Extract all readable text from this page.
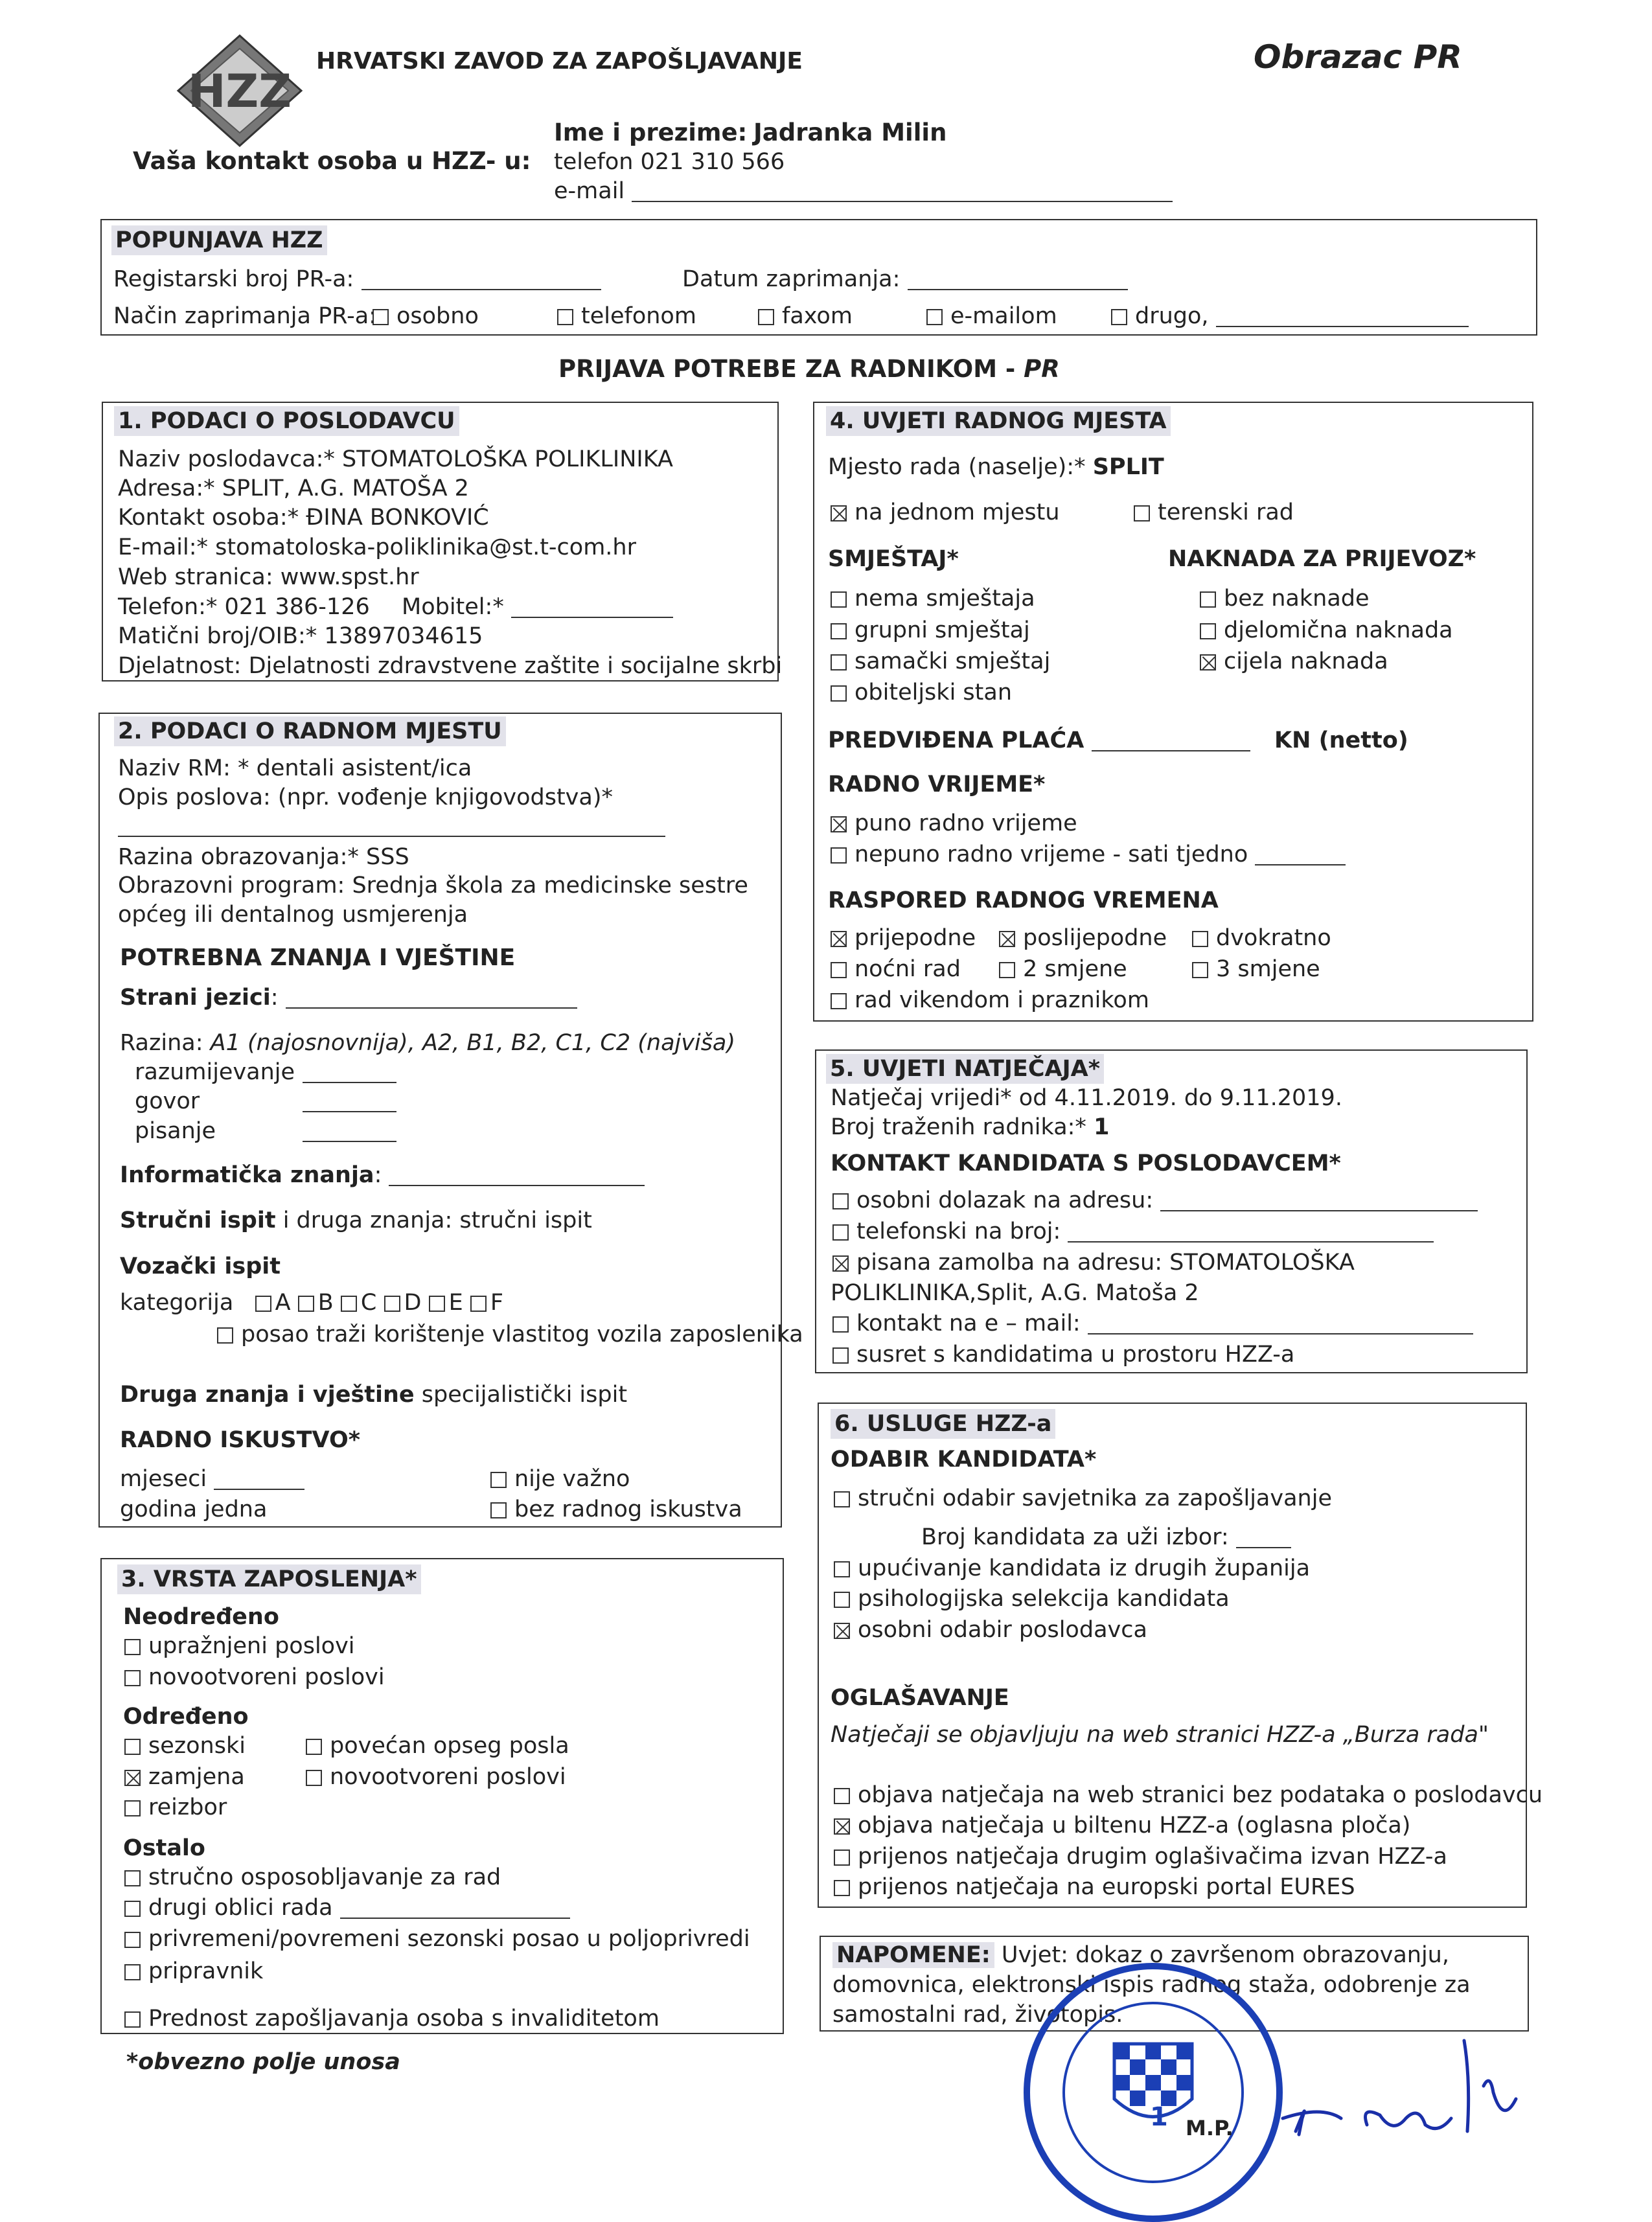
HZZ
HRVATSKI ZAVOD ZA ZAPOŠLJAVANJE	Obrazac PR
Vaša kontakt osoba u HZZ- u:
Ime i prezime: Jadranka Milin
telefon 021 310 566
e-mail
POPUNJAVA HZZ
Registarski broj PR-a:	Datum zaprimanja:
Način zaprimanja PR-a: osobno	telefonom	faxom	e-mailom	drugo,
PRIJAVA POTREBE ZA RADNIKOM - PR
1. PODACI O POSLODAVCU
Naziv poslodavca:* STOMATOLOŠKA POLIKLINIKA
Adresa:* SPLIT, A.G. MATOŠA 2
Kontakt osoba:* ĐINA BONKOVIĆ
E-mail:* stomatoloska-poliklinika@st.t-com.hr
Web stranica: www.spst.hr
Telefon:* 021 386-126 Mobitel:*
Matični broj/OIB:* 13897034615
Djelatnost: Djelatnosti zdravstvene zaštite i socijalne skrbi
2. PODACI O RADNOM MJESTU
Naziv RM: * dentali asistent/ica
Opis poslova: (npr. vođenje knjigovodstva)*
Razina obrazovanja:* SSS
Obrazovni program: Srednja škola za medicinske sestre
općeg ili dentalnog usmjerenja
POTREBNA ZNANJA I VJEŠTINE
Strani jezici:
Razina: A1 (najosnovnija), A2, B1, B2, C1, C2 (najviša)
razumijevanje
govor
pisanje
Informatička znanja:
Stručni ispit i druga znanja: stručni ispit
Vozački ispit
kategorija A B C D E F
posao traži korištenje vlastitog vozila zaposlenika
Druga znanja i vještine specijalistički ispit
RADNO ISKUSTVO*
mjeseci
godina jedna
nije važno
bez radnog iskustva
3. VRSTA ZAPOSLENJA*
Neodređeno
upražnjeni poslovi
novootvoreni poslovi
Određeno
sezonski
zamjena
reizbor
povećan opseg posla
novootvoreni poslovi
Ostalo
stručno osposobljavanje za rad
drugi oblici rada
privremeni/povremeni sezonski posao u poljoprivredi
pripravnik
Prednost zapošljavanja osoba s invaliditetom
*obvezno polje unosa
4. UVJETI RADNOG MJESTA
Mjesto rada (naselje):* SPLIT
na jednom mjestu	terenski rad
SMJEŠTAJ*
nema smještaja
grupni smještaj
samački smještaj
obiteljski stan
NAKNADA ZA PRIJEVOZ*
bez naknade
djelomična naknada
cijela naknada
PREDVIĐENA PLAĆA	KN (netto)
RADNO VRIJEME*
puno radno vrijeme
nepuno radno vrijeme - sati tjedno
RASPORED RADNOG VREMENA
prijepodne	poslijepodne	dvokratno
noćni rad	2 smjene	3 smjene
rad vikendom i praznikom
5. UVJETI NATJEČAJA*
Natječaj vrijedi* od 4.11.2019. do 9.11.2019.
Broj traženih radnika:* 1
KONTAKT KANDIDATA S POSLODAVCEM*
osobni dolazak na adresu:
telefonski na broj:
pisana zamolba na adresu: STOMATOLOŠKA
POLIKLINIKA,Split, A.G. Matoša 2
kontakt na e – mail:
susret s kandidatima u prostoru HZZ-a
6. USLUGE HZZ-a
ODABIR KANDIDATA*
stručni odabir savjetnika za zapošljavanje
Broj kandidata za uži izbor:
upućivanje kandidata iz drugih županija
psihologijska selekcija kandidata
osobni odabir poslodavca
OGLAŠAVANJE
Natječaji se objavljuju na web stranici HZZ-a „Burza rada"
objava natječaja na web stranici bez podataka o poslodavcu
objava natječaja u biltenu HZZ-a (oglasna ploča)
prijenos natječaja drugim oglašivačima izvan HZZ-a
prijenos natječaja na europski portal EURES
NAPOMENE: Uvjet: dokaz o završenom obrazovanju,
domovnica, elektronski ispis radnog staža, odobrenje za
samostalni rad, životopis.
1 M.P.
